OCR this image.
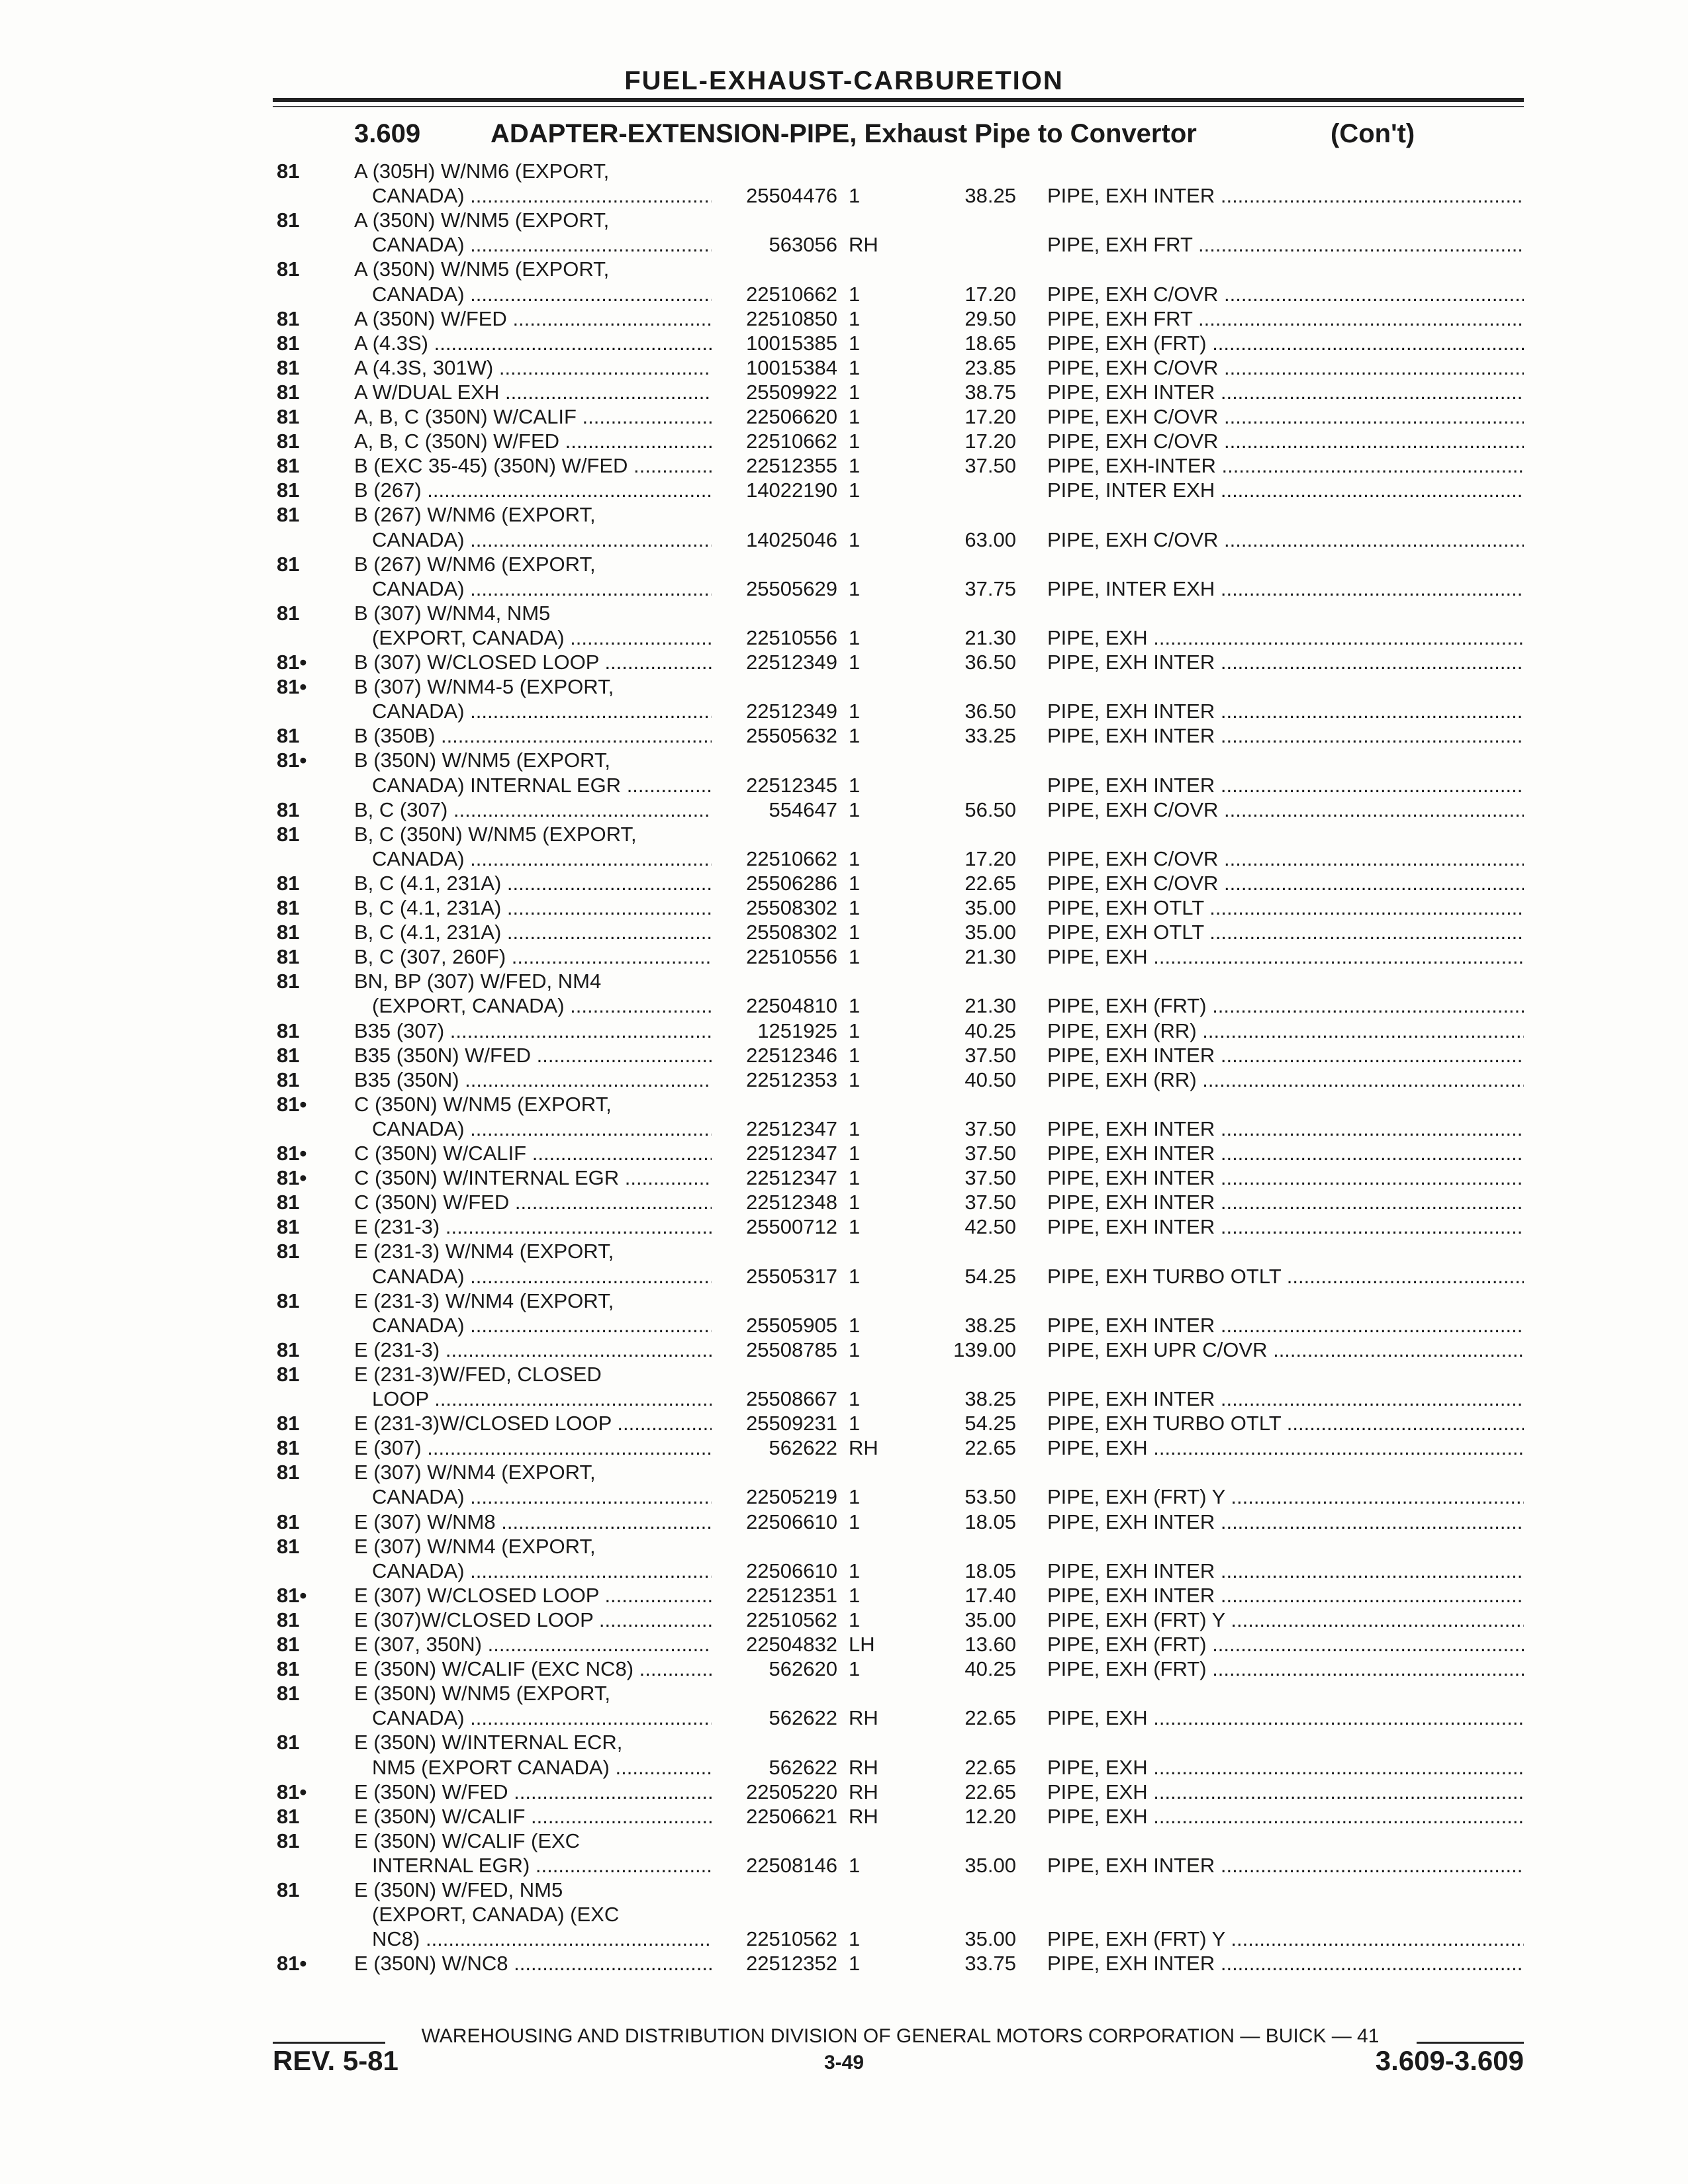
FUEL-EXHAUST-CARBURETION
3.609	ADAPTER-EXTENSION-PIPE, Exhaust Pipe to Convertor	(Con't)
81	A (305H) W/NM6 (EXPORT,
CANADA) .....	25504476 1	38.25 PIPE, EXH INTER .....
81	A (350N) W/NM5 (EXPORT,
CANADA) .....	563056 RH	PIPE, EXH FRT .....
81	A (350N) W/NM5 (EXPORT,
CANADA) .....	22510662 1	17.20 PIPE, EXH C/OVR .....
81	A (350N) W/FED .....	22510850 1	29.50 PIPE, EXH FRT .....
81	A (4.3S) .....	10015385 1	18.65 PIPE, EXH (FRT) .....
81	A (4.3S, 301W) .....	10015384 1	23.85 PIPE, EXH C/OVR .....
81	A W/DUAL EXH .....	25509922 1	38.75 PIPE, EXH INTER .....
81	A, B, C (350N) W/CALIF .....	22506620 1	17.20 PIPE, EXH C/OVR .....
81	A, B, C (350N) W/FED .....	22510662 1	17.20 PIPE, EXH C/OVR .....
81	B (EXC 35-45) (350N) W/FED .....	22512355 1	37.50 PIPE, EXH-INTER .....
81	B (267) .....	14022190 1	PIPE, INTER EXH .....
81	B (267) W/NM6 (EXPORT,
CANADA) .....	14025046 1	63.00 PIPE, EXH C/OVR .....
81	B (267) W/NM6 (EXPORT,
CANADA) .....	25505629 1	37.75 PIPE, INTER EXH .....
81	B (307) W/NM4, NM5
(EXPORT, CANADA) .....	22510556 1	21.30 PIPE, EXH .....
81•	B (307) W/CLOSED LOOP .....	22512349 1	36.50 PIPE, EXH INTER .....
81•	B (307) W/NM4-5 (EXPORT,
CANADA) .....	22512349 1	36.50 PIPE, EXH INTER .....
81	B (350B) .....	25505632 1	33.25 PIPE, EXH INTER .....
81•	B (350N) W/NM5 (EXPORT,
CANADA) INTERNAL EGR .....	22512345 1	PIPE, EXH INTER .....
81	B, C (307) .....	554647 1	56.50 PIPE, EXH C/OVR .....
81	B, C (350N) W/NM5 (EXPORT,
CANADA) .....	22510662 1	17.20 PIPE, EXH C/OVR .....
81	B, C (4.1, 231A) .....	25506286 1	22.65 PIPE, EXH C/OVR .....
81	B, C (4.1, 231A) .....	25508302 1	35.00 PIPE, EXH OTLT .....
81	B, C (4.1, 231A) .....	25508302 1	35.00 PIPE, EXH OTLT .....
81	B, C (307, 260F) .....	22510556 1	21.30 PIPE, EXH .....
81	BN, BP (307) W/FED, NM4
(EXPORT, CANADA) .....	22504810 1	21.30 PIPE, EXH (FRT) .....
81	B35 (307) .....	1251925 1	40.25 PIPE, EXH (RR) .....
81	B35 (350N) W/FED .....	22512346 1	37.50 PIPE, EXH INTER .....
81	B35 (350N) .....	22512353 1	40.50 PIPE, EXH (RR) .....
81•	C (350N) W/NM5 (EXPORT,
CANADA) .....	22512347 1	37.50 PIPE, EXH INTER .....
81•	C (350N) W/CALIF .....	22512347 1	37.50 PIPE, EXH INTER .....
81•	C (350N) W/INTERNAL EGR .....	22512347 1	37.50 PIPE, EXH INTER .....
81	C (350N) W/FED .....	22512348 1	37.50 PIPE, EXH INTER .....
81	E (231-3) .....	25500712 1	42.50 PIPE, EXH INTER .....
81	E (231-3) W/NM4 (EXPORT,
CANADA) .....	25505317 1	54.25 PIPE, EXH TURBO OTLT .....
81	E (231-3) W/NM4 (EXPORT,
CANADA) .....	25505905 1	38.25 PIPE, EXH INTER .....
81	E (231-3) .....	25508785 1	139.00 PIPE, EXH UPR C/OVR .....
81	E (231-3)W/FED, CLOSED
LOOP .....	25508667 1	38.25 PIPE, EXH INTER .....
81	E (231-3)W/CLOSED LOOP .....	25509231 1	54.25 PIPE, EXH TURBO OTLT .....
81	E (307) .....	562622 RH	22.65 PIPE, EXH .....
81	E (307) W/NM4 (EXPORT,
CANADA) .....	22505219 1	53.50 PIPE, EXH (FRT) Y .....
81	E (307) W/NM8 .....	22506610 1	18.05 PIPE, EXH INTER .....
81	E (307) W/NM4 (EXPORT,
CANADA) .....	22506610 1	18.05 PIPE, EXH INTER .....
81•	E (307) W/CLOSED LOOP .....	22512351 1	17.40 PIPE, EXH INTER .....
81	E (307)W/CLOSED LOOP .....	22510562 1	35.00 PIPE, EXH (FRT) Y .....
81	E (307, 350N) .....	22504832 LH	13.60 PIPE, EXH (FRT) .....
81	E (350N) W/CALIF (EXC NC8) .....	562620 1	40.25 PIPE, EXH (FRT) .....
81	E (350N) W/NM5 (EXPORT,
CANADA) .....	562622 RH	22.65 PIPE, EXH .....
81	E (350N) W/INTERNAL ECR,
NM5 (EXPORT CANADA) .....	562622 RH	22.65 PIPE, EXH .....
81•	E (350N) W/FED .....	22505220 RH	22.65 PIPE, EXH .....
81	E (350N) W/CALIF .....	22506621 RH	12.20 PIPE, EXH .....
81	E (350N) W/CALIF (EXC
INTERNAL EGR) .....	22508146 1	35.00 PIPE, EXH INTER .....
81	E (350N) W/FED, NM5
(EXPORT, CANADA) (EXC
NC8) .....	22510562 1	35.00 PIPE, EXH (FRT) Y .....
81•	E (350N) W/NC8 .....	22512352 1	33.75 PIPE, EXH INTER .....
WAREHOUSING AND DISTRIBUTION DIVISION OF GENERAL MOTORS CORPORATION — BUICK — 41
REV. 5-81	3-49	3.609-3.609
